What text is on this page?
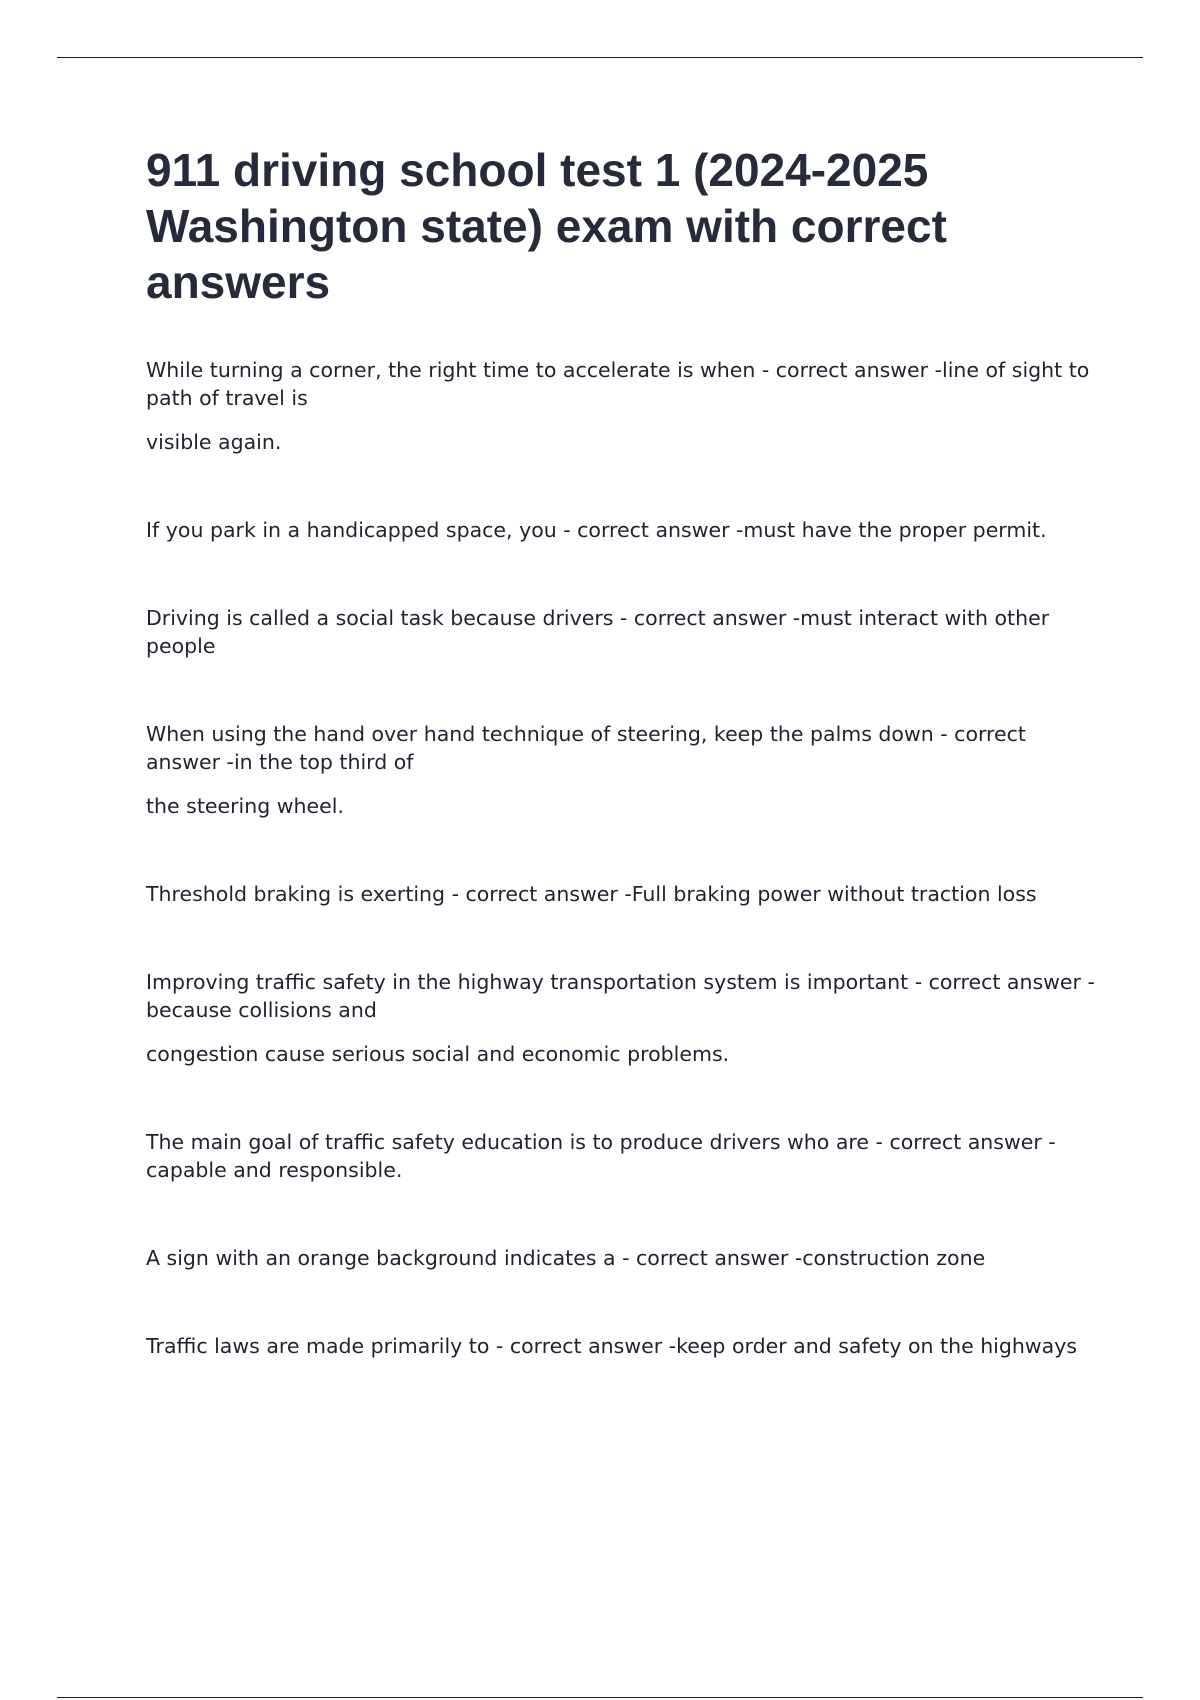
911 driving school test 1 (2024-2025 Washington state) exam with correct answers

While turning a corner, the right time to accelerate is when - correct answer -line of sight to path of travel is

visible again.

If you park in a handicapped space, you - correct answer -must have the proper permit.

Driving is called a social task because drivers - correct answer -must interact with other people

When using the hand over hand technique of steering, keep the palms down - correct answer -in the top third of

the steering wheel.

Threshold braking is exerting - correct answer -Full braking power without traction loss

Improving traffic safety in the highway transportation system is important - correct answer -because collisions and

congestion cause serious social and economic problems.

The main goal of traffic safety education is to produce drivers who are - correct answer -capable and responsible.

A sign with an orange background indicates a - correct answer -construction zone

Traffic laws are made primarily to - correct answer -keep order and safety on the highways
